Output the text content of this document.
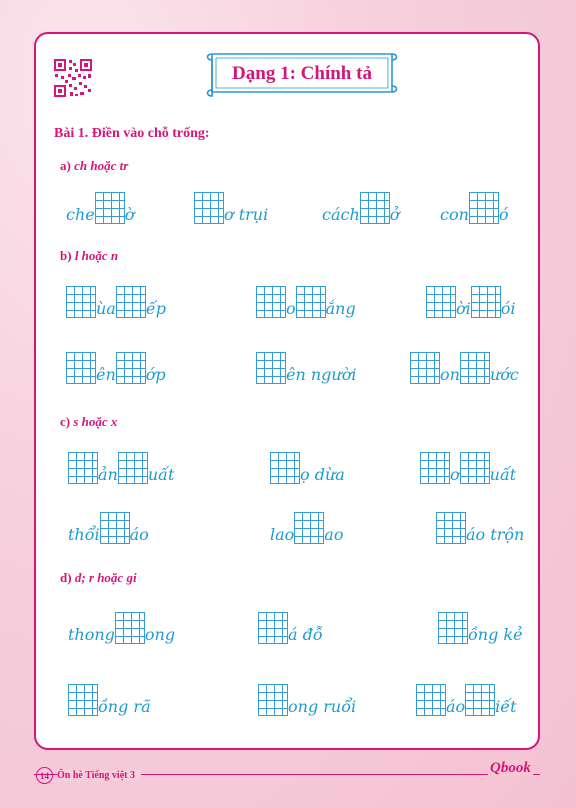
Dạng 1: Chính tả
Bài 1. Điền vào chỗ trống:
a) ch hoặc tr
che ờ	ơ trụi	cách ở	con ó
b) l hoặc n
ùa ếp	o ắng	ời ói
ên ớp	ên người	on ước
c) s hoặc x
ản uất	ọ dừa	ơ uất
thổi áo	lao ao	áo trộn
d) d; r hoặc gi
thong ong	á đỗ	ồng kẻ
ồng rã	ong ruổi	áo iết
14 Ôn hè Tiếng việt 3	Qbook
